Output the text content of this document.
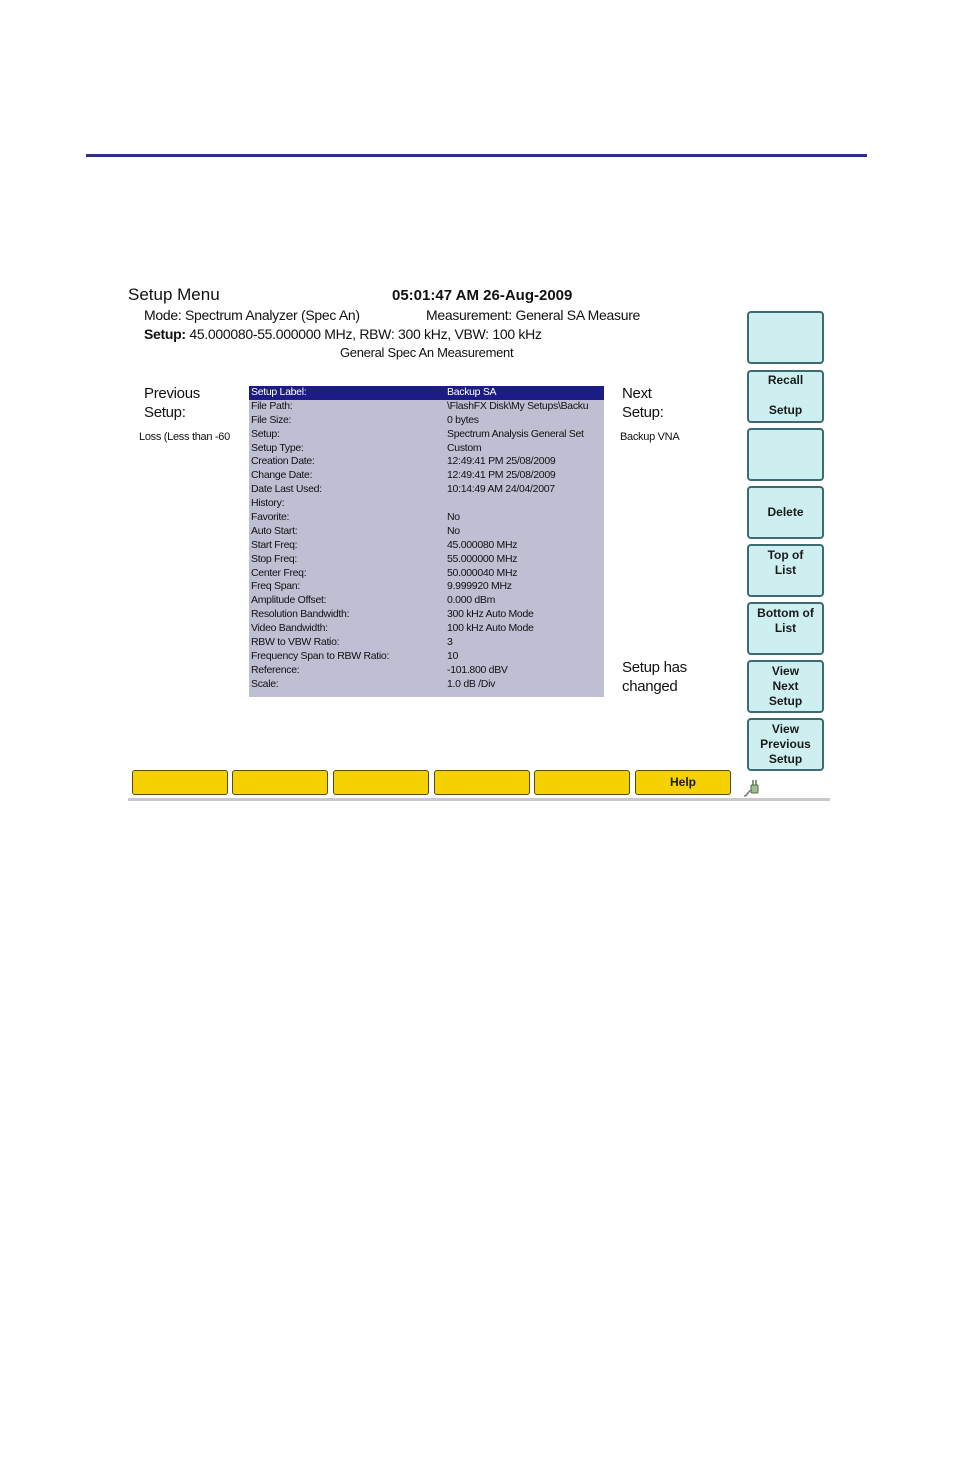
Setup Menu	05:01:47 AM 26-Aug-2009
Mode: Spectrum Analyzer (Spec An)	Measurement: General SA Measure
Setup: 45.000080-55.000000 MHz, RBW: 300 kHz, VBW: 100 kHz
General Spec An Measurement
Previous
Setup:
Loss (Less than -60
Setup Label:	Backup SA
File Path:	\FlashFX Disk\My Setups\Backu
File Size:	0 bytes
Setup:	Spectrum Analysis General Set
Setup Type:	Custom
Creation Date:	12:49:41 PM 25/08/2009
Change Date:	12:49:41 PM 25/08/2009
Date Last Used:	10:14:49 AM 24/04/2007
History:
Favorite:	No
Auto Start:	No
Start Freq:	45.000080 MHz
Stop Freq:	55.000000 MHz
Center Freq:	50.000040 MHz
Freq Span:	9.999920 MHz
Amplitude Offset:	0.000 dBm
Resolution Bandwidth:	300 kHz Auto Mode
Video Bandwidth:	100 kHz Auto Mode
RBW to VBW Ratio:	3
Frequency Span to RBW Ratio:	10
Reference:	-101.800 dBV
Scale:	1.0 dB /Div
Next
Setup:
Backup VNA
Setup has
changed
Recall
Setup
Delete
Top of
List
Bottom of
List
View
Next
Setup
View
Previous
Setup
Help
